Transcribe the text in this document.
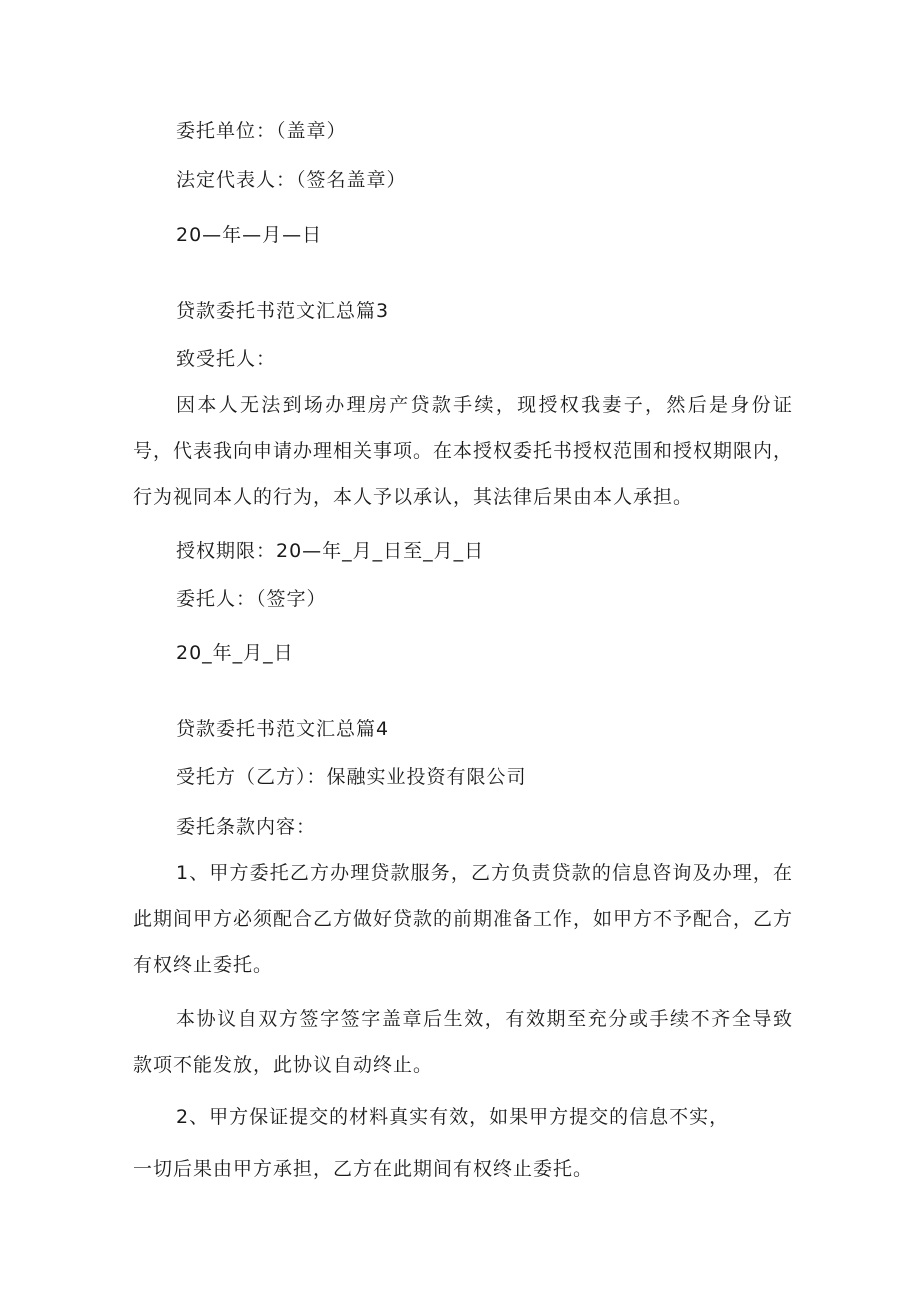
委托单位：（盖章）
法定代表人：（签名盖章）
20—年—月—日
贷款委托书范文汇总篇3
致受托人：
因本人无法到场办理房产贷款手续，现授权我妻子，然后是身份证号，代表我向申请办理相关事项。在本授权委托书授权范围和授权期限内，行为视同本人的行为，本人予以承认，其法律后果由本人承担。
授权期限：20—年_月_日至_月_日
委托人：（签字）
20_年_月_日
贷款委托书范文汇总篇4
受托方（乙方）：保融实业投资有限公司
委托条款内容：
1、甲方委托乙方办理贷款服务，乙方负责贷款的信息咨询及办理，在此期间甲方必须配合乙方做好贷款的前期准备工作，如甲方不予配合，乙方有权终止委托。
本协议自双方签字签字盖章后生效，有效期至充分或手续不齐全导致款项不能发放，此协议自动终止。
2、甲方保证提交的材料真实有效，如果甲方提交的信息不实，
一切后果由甲方承担，乙方在此期间有权终止委托。
